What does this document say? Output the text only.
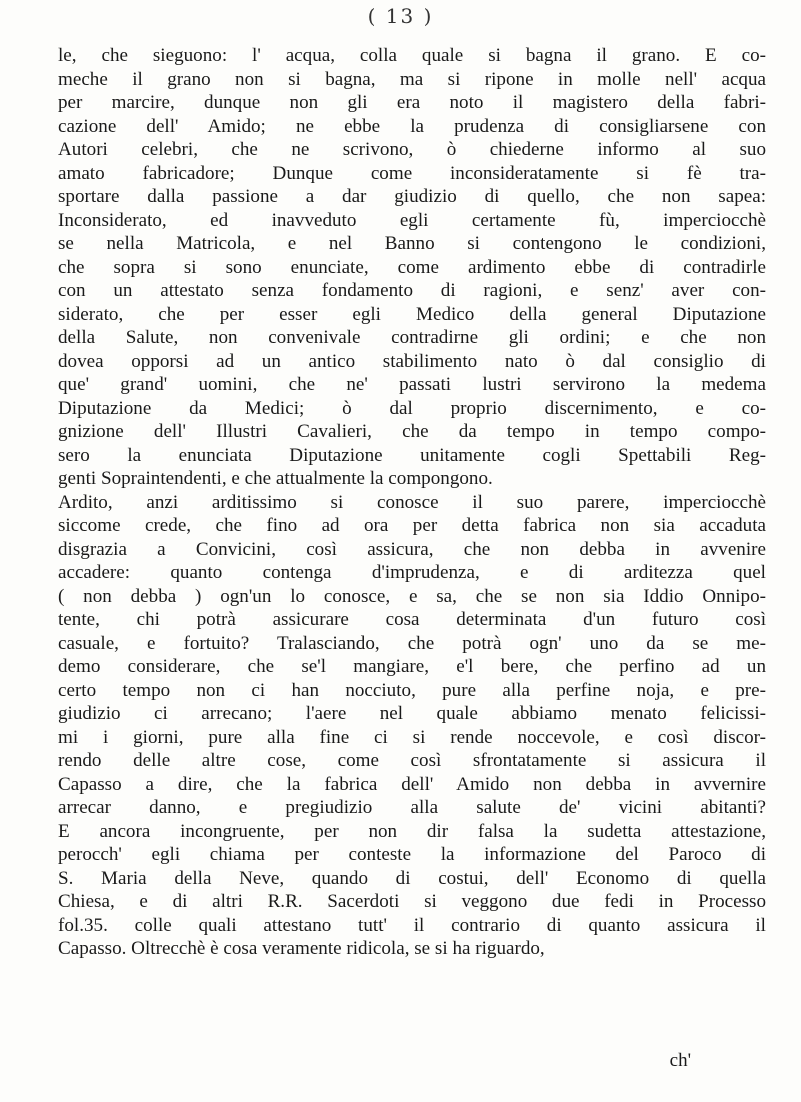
( 13 )
le, che sieguono: l' acqua, colla quale si bagna il grano. E co-
meche il grano non si bagna, ma si ripone in molle nell' acqua
per marcire, dunque non gli era noto il magistero della fabri-
cazione dell' Amido; ne ebbe la prudenza di consigliarsene con
Autori celebri, che ne scrivono, ò chiederne informo al suo
amato fabricadore; Dunque come inconsideratamente si fè tra-
sportare dalla passione a dar giudizio di quello, che non sapea:
Inconsiderato, ed inavveduto egli certamente fù, imperciocchè
se nella Matricola, e nel Banno si contengono le condizioni,
che sopra si sono enunciate, come ardimento ebbe di contradirle
con un attestato senza fondamento di ragioni, e senz' aver con-
siderato, che per esser egli Medico della general Diputazione
della Salute, non convenivale contradirne gli ordini; e che non
dovea opporsi ad un antico stabilimento nato ò dal consiglio di
que' grand' uomini, che ne' passati lustri servirono la medema
Diputazione da Medici; ò dal proprio discernimento, e co-
gnizione dell' Illustri Cavalieri, che da tempo in tempo compo-
sero la enunciata Diputazione unitamente cogli Spettabili Reg-
genti Sopraintendenti, e che attualmente la compongono.
Ardito, anzi arditissimo si conosce il suo parere, imperciocchè
siccome crede, che fino ad ora per detta fabrica non sia accaduta
disgrazia a Convicini, così assicura, che non debba in avvenire
accadere: quanto contenga d'imprudenza, e di arditezza quel
( non debba ) ogn'un lo conosce, e sa, che se non sia Iddio Onnipo-
tente, chi potrà assicurare cosa determinata d'un futuro così
casuale, e fortuito? Tralasciando, che potrà ogn' uno da se me-
demo considerare, che se'l mangiare, e'l bere, che perfino ad un
certo tempo non ci han nocciuto, pure alla perfine noja, e pre-
giudizio ci arrecano; l'aere nel quale abbiamo menato felicissi-
mi i giorni, pure alla fine ci si rende noccevole, e così discor-
rendo delle altre cose, come così sfrontatamente si assicura il
Capasso a dire, che la fabrica dell' Amido non debba in avvernire
arrecar danno, e pregiudizio alla salute de' vicini abitanti?
E ancora incongruente, per non dir falsa la sudetta attestazione,
perocch' egli chiama per conteste la informazione del Paroco di
S. Maria della Neve, quando di costui, dell' Economo di quella
Chiesa, e di altri R.R. Sacerdoti si veggono due fedi in Processo
fol.35. colle quali attestano tutt' il contrario di quanto assicura il
Capasso. Oltrecchè è cosa veramente ridicola, se si ha riguardo,
ch'
